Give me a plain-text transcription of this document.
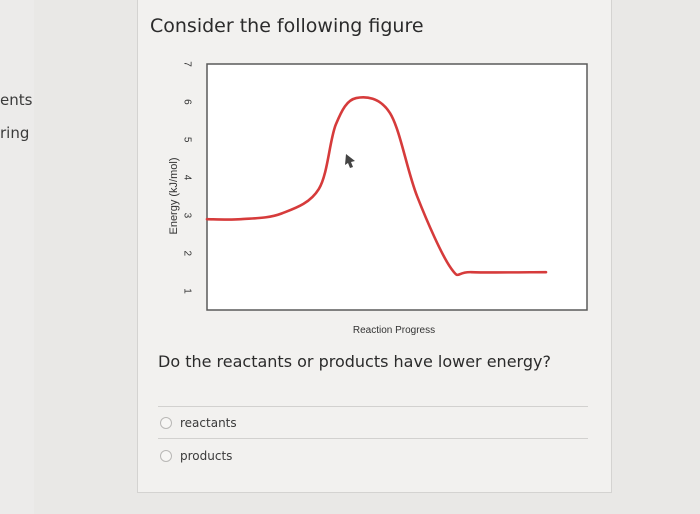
ents
ring
Consider the following figure
7
6
5
4
3
2
1
Energy (kJ/mol)
Reaction Progress
Do the reactants or products have lower energy?
reactants
products
